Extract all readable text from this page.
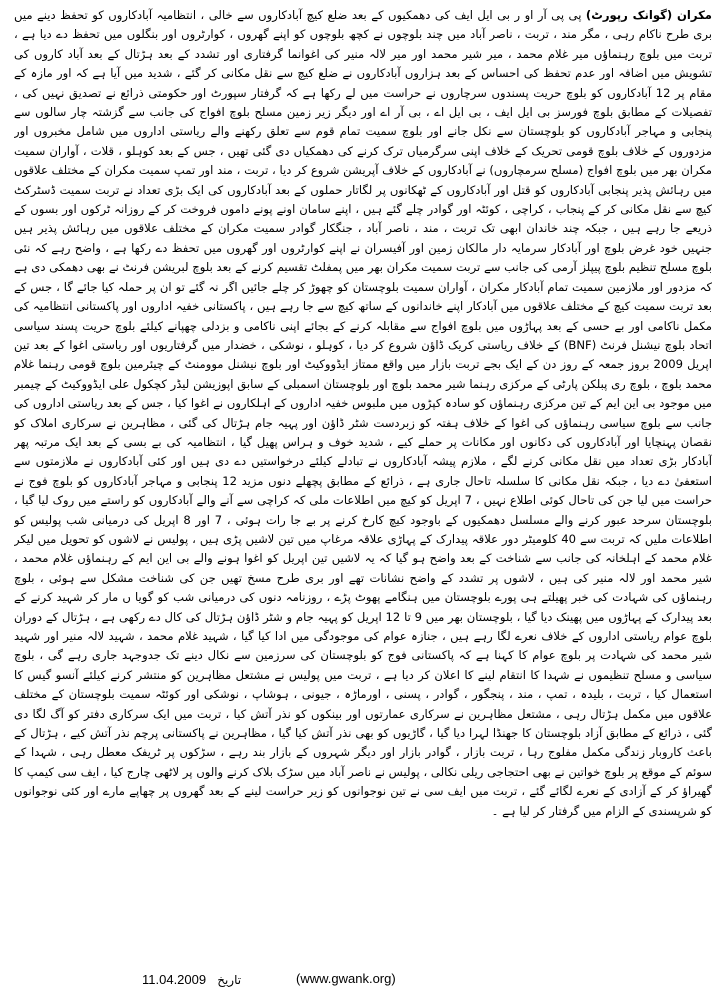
مکران (گوانک رپورٹ) پی پی آر او ر بی ایل ایف کی دھمکیوں کے بعد ضلع کیچ آبادکاروں سے خالی ، انتظامیہ آبادکاروں کو تحفظ دینے میں بری طرح ناکام رہی ، مگر مند ، تربت ، ناصر آباد میں چند بلوچوں نے کچھ بلوچوں کو اپنے گھروں ، کوارٹروں اور بنگلوں میں تحفظ دے دیا ہے ، تربت میں بلوچ رہنماؤں میر غلام محمد ، میر شیر محمد اور میر لالہ منیر کی اغوانما گرفتاری اور تشدد کے بعد ہڑتال کے بعد آباد کاروں کی تشویش میں اضافہ اور عدم تحفظ کی احساس کے بعد ہزاروں آبادکاروں نے ضلع کیچ سے نقل مکانی کر گئے ، شدید میں آیا ہے کہ اور مازہ کے مقام پر 12 آبادکاروں کو بلوچ حریت پسندوں سرچاروں نے حراست میں لے رکھا ہے کہ گرفتار سپورٹ اور حکومتی ذرائع نے تصدیق نہیں کی ، تفصیلات کے مطابق بلوچ فورسز بی ایل ایف ، بی ایل اے ، بی آر اے اور دیگر زیر زمین مسلح بلوچ افواج کی جانب سے گزشتہ چار سالوں سے پنجابی و مہاجر آبادکاروں کو بلوچستان سے نکل جانے اور بلوچ سمیت تمام قوم سے تعلق رکھنے والے ریاستی اداروں میں شامل مخبروں اور مزدوروں کے خلاف بلوچ قومی تحریک کے خلاف اپنی سرگرمیاں ترک کرنے کی دھمکیاں دی گئی تھیں ، جس کے بعد کوہلو ، قلات ، آواران سمیت مکران بھر میں بلوچ افواج (مسلح سرمچاروں) نے آبادکاروں کے خلاف آپریشن شروع کر دیا ، تربت ، مند اور تمپ سمیت مکران کے مختلف علاقوں میں رہائش پذیر پنجابی آبادکاروں کو قتل اور آبادکاروں کے ٹھکانوں پر لگاتار حملوں کے بعد آبادکاروں کی ایک بڑی تعداد نے تربت سمیت ڈسٹرکٹ کیچ سے نقل مکانی کر کے پنجاب ، کراچی ، کوئٹہ اور گوادر چلے گئے ہیں ، اپنے سامان اونے پونے داموں فروخت کر کے روزانہ ٹرکوں اور بسوں کے ذریعے جا رہے ہیں ، جبکہ چند خاندان ابھی تک تربت ، مند ، ناصر آباد ، جنگکار گوادر سمیت مکران کے مختلف علاقوں میں رہائش پذیر ہیں جنہیں خود غرض بلوچ اور آبادکار سرمایہ دار مالکان زمین اور آفیسران نے اپنے کوارٹروں اور گھروں میں تحفظ دے رکھا ہے ، واضح رہے کہ نئی بلوچ مسلح تنظیم بلوچ پیپلز آرمی کی جانب سے تربت سمیت مکران بھر میں پمفلٹ تقسیم کرنے کے بعد بلوچ لبریشن فرنٹ نے بھی دھمکی دی ہے کہ مزدور اور ملازمین سمیت تمام آبادکار مکران ، آواران سمیت بلوچستان کو چھوڑ کر چلے جائیں اگر نہ گئے تو ان پر حملہ کیا جائے گا ، جس کے بعد تربت سمیت کیچ کے مختلف علاقوں میں آبادکار اپنے خاندانوں کے ساتھ کیچ سے جا رہے ہیں ، پاکستانی خفیہ اداروں اور پاکستانی انتظامیہ کی مکمل ناکامی اور بے حسی کے بعد پہاڑوں میں بلوچ افواج سے مقابلہ کرنے کے بجائے اپنی ناکامی و بزدلی چھپانے کیلئے بلوچ حریت پسند سیاسی اتحاد بلوچ نیشنل فرنٹ (BNF) کے خلاف ریاستی کریک ڈاؤن شروع کر دیا ، کوہلو ، نوشکی ، خضدار میں گرفتاریوں اور ریاستی اغوا کے بعد تین اپریل 2009 بروز جمعہ کے روز دن کے ایک بجے تربت بازار میں واقع ممتاز ایڈووکیٹ اور بلوچ نیشنل موومنٹ کے چیئرمین بلوچ قومی رہنما غلام محمد بلوچ ، بلوچ ری پبلکن پارٹی کے مرکزی رہنما شیر محمد بلوچ اور بلوچستان اسمبلی کے سابق اپوزیشن لیڈر کچکول علی ایڈووکیٹ کے چیمبر میں موجود بی این ایم کے تین مرکزی رہنماؤں کو سادہ کپڑوں میں ملبوس خفیہ اداروں کے اہلکاروں نے اغوا کیا ، جس کے بعد ریاستی اداروں کی جانب سے بلوچ سیاسی رہنماؤں کی اغوا کے خلاف ہفتہ کو زبردست شٹر ڈاؤن اور پہیہ جام ہڑتال کی گئی ، مظاہرین نے سرکاری املاک کو نقصان پہنچایا اور آبادکاروں کی دکانوں اور مکانات پر حملے کیے ، شدید خوف و ہراس پھیل گیا ، انتظامیہ کی بے بسی کے بعد ایک مرتبہ پھر آبادکار بڑی تعداد میں نقل مکانی کرنے لگے ، ملازم پیشہ آبادکاروں نے تبادلے کیلئے درخواستیں دے دی ہیں اور کئی آبادکاروں نے ملازمتوں سے استعفیٰ دے دیا ، جبکہ نقل مکانی کا سلسلہ تاحال جاری ہے ، ذرائع کے مطابق پچھلے دنوں مزید 12 پنجابی و مہاجر آبادکاروں کو بلوچ فوج نے حراست میں لیا جن کی تاحال کوئی اطلاع نہیں ، 7 اپریل کو کیچ میں اطلاعات ملی کہ کراچی سے آنے والے آبادکاروں کو راستے میں روک لیا گیا ، بلوچستان سرحد عبور کرنے والے مسلسل دھمکیوں کے باوجود کیچ کارخ کرنے پر بے جا رات ہوئی ، 7 اور 8 اپریل کی درمیانی شب پولیس کو اطلاعات ملیں کہ تربت سے 40 کلومیٹر دور علاقہ پیدارک کے پہاڑی علاقہ مرغاپ میں تین لاشیں پڑی ہیں ، پولیس نے لاشوں کو تحویل میں لیکر غلام محمد کے اہلخانہ کی جانب سے شناخت کے بعد واضح ہو گیا کہ یہ لاشیں تین اپریل کو اغوا ہونے والے بی این ایم کے رہنماؤں غلام محمد ، شیر محمد اور لالہ منیر کی ہیں ، لاشوں پر تشدد کے واضح نشانات تھے اور بری طرح مسخ تھیں جن کی شناخت مشکل سے ہوئی ، بلوچ رہنماؤں کی شہادت کی خبر پھیلتے ہی پورے بلوچستان میں ہنگامے پھوٹ پڑے ، روزنامہ دنوں کی درمیانی شب کو گویا ں مار کر شہید کرنے کے بعد پیدارک کے پہاڑوں میں پھینک دیا گیا ، بلوچستان بھر میں 9 تا 12 اپریل کو پہیہ جام و شٹر ڈاؤن ہڑتال کی کال دے رکھی ہے ، ہڑتال کے دوران بلوچ عوام ریاستی اداروں کے خلاف نعرے لگا رہے ہیں ، جنازہ عوام کی موجودگی میں ادا کیا گیا ، شہید غلام محمد ، شہید لالہ منیر اور شہید شیر محمد کی شہادت پر بلوچ عوام کا کہنا ہے کہ پاکستانی فوج کو بلوچستان کی سرزمین سے نکال دینے تک جدوجہد جاری رہے گی ، بلوچ سیاسی و مسلح تنظیموں نے شہدا کا انتقام لینے کا اعلان کر دیا ہے ، تربت میں پولیس نے مشتعل مظاہرین کو منتشر کرنے کیلئے آنسو گیس کا استعمال کیا ، تربت ، بلیدہ ، تمپ ، مند ، پنجگور ، گوادر ، پسنی ، اورماڑہ ، جیونی ، ہوشاپ ، نوشکی اور کوئٹہ سمیت بلوچستان کے مختلف علاقوں میں مکمل ہڑتال رہی ، مشتعل مظاہرین نے سرکاری عمارتوں اور بینکوں کو نذر آتش کیا ، تربت میں ایک سرکاری دفتر کو آگ لگا دی گئی ، ذرائع کے مطابق آزاد بلوچستان کا جھنڈا لہرا دیا گیا ، گاڑیوں کو بھی نذر آتش کیا گیا ، مظاہرین نے پاکستانی پرچم نذر آتش کیے ، ہڑتال کے باعث کاروبار زندگی مکمل مفلوج رہا ، تربت بازار ، گوادر بازار اور دیگر شہروں کے بازار بند رہے ، سڑکوں پر ٹریفک معطل رہی ، شہدا کے سوئم کے موقع پر بلوچ خواتین نے بھی احتجاجی ریلی نکالی ، پولیس نے ناصر آباد میں سڑک بلاک کرنے والوں پر لاٹھی چارج کیا ، ایف سی کیمپ کا گھیراؤ کر کے آزادی کے نعرے لگائے گئے ، تربت میں ایف سی نے تین نوجوانوں کو زیر حراست لینے کے بعد گھروں پر چھاپے مارے اور کئی نوجوانوں کو شرپسندی کے الزام میں گرفتار کر لیا ہے ۔

(www.gwank.org)
11.04.2009 تاریخ
